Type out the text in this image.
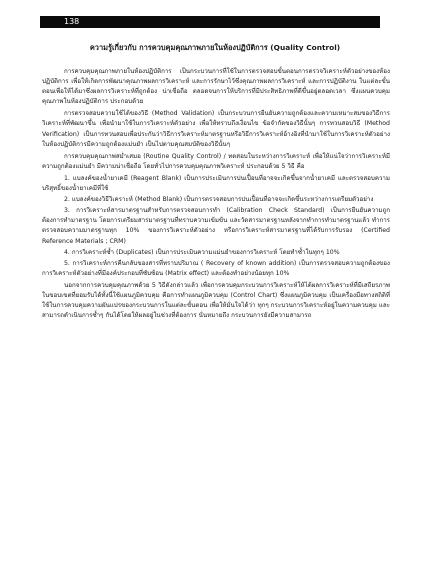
138
ความรู้เกี่ยวกับ การควบคุมคุณภาพภายในห้องปฏิบัติการ (Quality Control)

การควบคุมคุณภาพภายในห้องปฏิบัติการ เป็นกระบวนการที่ใช้ในการตรวจสอบขั้นตอนการตรวจวิเคราะห์ตัวอย่างของห้องปฏิบัติการ เพื่อให้เกิดการพัฒนาคุณภาพผลการวิเคราะห์ และการรักษาไว้ซึ่งคุณภาพผลการวิเคราะห์ และการปฏิบัติงาน ในแต่ละขั้นตอนเพื่อให้ได้มาซึ่งผลการวิเคราะห์ที่ถูกต้อง น่าเชื่อถือ ตลอดจนการให้บริการที่มีประสิทธิภาพที่ดีขึ้นอยู่ตลอดเวลา ซึ่งแผนควบคุมคุณภาพในห้องปฏิบัติการ ประกอบด้วย

การตรวจสอบความใช้ได้ของวิธี (Method Validation) เป็นกระบวนการยืนยันความถูกต้องและความเหมาะสมของวิธีการวิเคราะห์ที่พัฒนาขึ้น เพื่อนำมาใช้ในการวิเคราะห์ตัวอย่าง เพื่อให้ทราบถึงเงื่อนไข ข้อจำกัดของวิธีนั้นๆ การทวนสอบวิธี (Method Verification) เป็นการทวนสอบเพื่อประกันว่าวิธีการวิเคราะห์มาตรฐานหรือวิธีการวิเคราะห์อ้างอิงที่นำมาใช้ในการวิเคราะห์ตัวอย่างในห้องปฏิบัติการมีความถูกต้องแม่นยำ เป็นไปตามคุณสมบัติของวิธีนั้นๆ

การควบคุมคุณภาพสม่ำเสมอ (Routine Quality Control) / ทดสอบในระหว่างการวิเคราะห์ เพื่อให้แน่ใจว่าการวิเคราะห์มีความถูกต้องแม่นยำ มีความน่าเชื่อถือ โดยทั่วไปการควบคุมคุณภาพวิเคราะห์ ประกอบด้วย 5 วิธี คือ

1. แบลงค์ของน้ำยาเคมี (Reagent Blank) เป็นการประเมินการปนเปื้อนที่อาจจะเกิดขึ้นจากน้ำยาเคมี และตรวจสอบความบริสุทธิ์ของน้ำยาเคมีที่ใช้

2. แบลงค์ของวิธีวิเคราะห์ (Method Blank) เป็นการตรวจสอบการปนเปื้อนที่อาจจะเกิดขึ้นระหว่างการเตรียมตัวอย่าง

3. การวิเคราะห์สารมาตรฐานสำหรับการตรวจสอบการทำ (Calibration Check Standard) เป็นการยืนยันความถูกต้องการทำมาตรฐาน โดยการเตรียมสารมาตรฐานที่ทราบความเข้มข้น และวัดสารมาตรฐานหลังจากทำการทำมาตรฐานแล้ว ทำการตรวจสอบความมาตรฐานทุก 10% ของการวิเคราะห์ตัวอย่าง หรือการวิเคราะห์สารมาตรฐานที่ได้รับการรับรอง (Certified Reference Materials ; CRM)

4. การวิเคราะห์ซ้ำ (Duplicates) เป็นการประเมินความแม่นยำของการวิเคราะห์ โดยทำซ้ำในทุกๆ 10%

5. การวิเคราะห์การคืนกลับของสารที่ทราบปริมาณ ( Recovery of known addition) เป็นการตรวจสอบความถูกต้องของการวิเคราะห์ตัวอย่างที่มีองค์ประกอบที่ซับซ้อน (Matrix effect) และต้องทำอย่างน้อยทุก 10%

นอกจากการควบคุมคุณภาพด้วย 5 วิธีดังกล่าวแล้ว เพื่อการควบคุมกระบวนการวิเคราะห์ให้ได้ผลการวิเคราะห์ที่มีเสถียรภาพในขอบเขตที่ยอมรับได้ทั้งนี้ใช้แผนภูมิควบคุม คือการทำแผนภูมิควบคุม (Control Chart) ซึ่งแผนภูมิควบคุม เป็นเครื่องมือทางสถิติที่ใช้ในการควบคุมความผันแปรของกระบวนการในแต่ละขั้นตอน เพื่อให้มั่นใจได้ว่า ทุกๆ กระบวนการวิเคราะห์อยู่ในความควบคุม และสามารถดำเนินการซ้ำๆ กันได้โดยให้ผลอยู่ในช่วงที่ต้องการ นั่นหมายถึง กระบวนการยังมีความสามารถ
